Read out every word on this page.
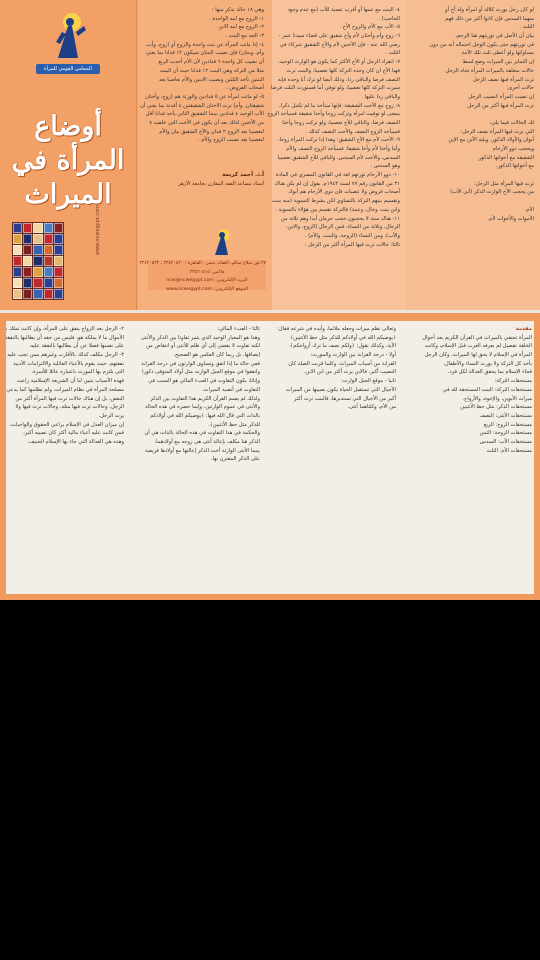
المجلس القومي للمرأة
أوضاع
المرأة في
الميراث
www.ncwegypt.com
وهي ١٨ حالة نذكر منها :
١- الزوج مع ابنه الواحدة .
٢- الزوج مع ابنه الابن .
٣- الجد مع البنت .
٤- إذا ماتت المرأة عن بنت واحدة والزوج أو (زوج، وأب،
وأم، وبنتان) فإن نصيب البنتان سيكون ١٢ فدانا بما يعني
أن نصيب كل واحدة ٦ فدادين لأن الأم أخذت الربع
مثلا من التركة وهي البنت ١٢ فدانا حيث أن البنت
البنتين تأخذ الثلثين ونصيب الابنين والأم تعاصبا بعد
أصحاب الفروض .
٥- لو ماتت امرأة عن ٥ فدادين والورثة هم (زوج، وأختان
شقيقتان، وأم) ترث الاختان الشقيقتين ٤ أفدنة بما يعني أن
الأب الوحيد ٤ فدادين بينما الشقيق الثاني يأخذ فدانا أقل
من الأختين لذلك بعد أن يكون في الأخت التي خلفت ٨
لتعصيبا بعد الزوج ٢ فدان والأخ الشقيق بيان والأم
لتعصيبا بعد نصيب الزوج والأم .
أ.د. أحمد كريمة
أستاذ مساعد الفقه المقارن بجامعة الأزهر
٢٧ ش صلاح سالم، العقاد، مصر - القاهرة - ٢٣٤٢٠٥٢٠ ، ٢٣٤٢٠٥٢٢
فاكس: ٢٣٤٢٠٥١٥
البريد الإلكتروني: ncw@ncwegypt.com
الموقع الإلكتروني: www.ncwegypt.com
٤- البنت مع عمها أو أقرب عصبة للأب (مع عدم وجود
الحاجب) .
٥- الأب مع الأم والزوج الأخ .
٦- زوج وأم وأختان لأم وأخ شقيق على قضاء سيدنا عمر -
رضي الله عنه - فإن الأختين لأم والأخ الشقيق شركاء في
الثلث .
٧- انقراد الرجل أو الأخ الأكثر كما يكون هو الوارث الوحيد،
فهنا الأخ ان كان وحده التركة كلها تعصيبا، والبنت ترث
النصف فرضا والباقي ردا، وذلك أيضا لو ترك أبا وحده فإنه
سيرث التركة كلها تعصيبا، ولو توفي أما فستورث الثلث فرضا
والباقي ردا عليها .
٨- زوج مع الأخت الشقيقة: فإنها ستأخذ ما لم تكمل ذكرا،
بمعنى لو توفيت امرأة وتركت زوجا وأختا شقيقة فسيأخذ الزوج
النصف فرضا، والباقي للأخ تعصيبا، ولو تركت زوجا وأختا
فسيأخذ الزوج النصف والأخت النصف كذلك .
٩- الأخت لأم مع الأخ الشقيق: وهذا إذا تركت المرأة زوجا،
وأما وأختا لأم وأخا شقيقا: فسيأخذ الزوج النصف والأم
السدس، والأخت لأم السدس، والباقي للأخ الشقيق تعصيبا
وهو السدس .
١٠- ذوو الأرحام تورثهم لغة في القانون المصري في المادة
٣١ من القانون رقم ٧٧ لسنة ١٩٤٣م، يقول إن لم يكن هناك
أصحاب فروض ولا عصبات فإن ذوي الأرحام هم أبوك
وتقسيم بينهم التركة بالتساوي لكن بشرط التسوية (منه بنت،
وابن بنت، وخال، وعمة) فالتركة تقسم بين هؤلاء بالتسوية .
١١- هناك ستة لا يحجبون حجب حرمان أبدا وهم ثلاثة من
الرجال، وثلاثة من النساء، فمن الرجال (الزوج، والابن،
والأب)، ومن النساء (الزوجة، والبنت، والأم) .
ثالثا: حالات ترث فيها المرأة أكثر من الرجل :
لو كان رجل يورث كلالة أو امرأة وله أخ أو
منهما السدس فإن كانوا أكثر من ذلك فهم
الثلث .
بيان أن الأصل في توريثهم هنا الرحم،
في توريثهم حتى يكون الوجل احتماله أنه من دون
مساواتها ولو أعطى ثلث تلك الأمة.
إن التمايز بين الميراث وضع لنمط
حالات متعلقة بالميراث المرأة تجاه الرجل
ترث المرأة فيها نصف الرجل
حالات أخرى:
إن نصيب المرأة كنصيب الرجل
ترث المرأة فيها أكثر من الرجل
لك الحالات فيما يلي:
التي ترث فيها المرأة نصف الرجل:
أبوان والأولاد الذكور، ويليه الأبن مع الإبن
ويحجب ذوو الأرحام
الشقيقة مع أخواتها الذكور.
مع أخواتها الذكور.
ترث فيها المرأة مثل الرجل:
من يحجب الأخ الوارث الذكر (أبي الأب)
الأم.
الأموات والأخوات لأم.
٢- الرجل بعد الزواج ينفق على المرأة، وإن كانت تملك من
الأموال ما لا يملكه هو، فليس من حقه أن يطالبها بالنفقة
على نفسها فضلا عن أن يطالبها بالنفقة عليه.
٣- الرجل مكلف كذلك بالأقارب وغيرهم ممن تجب عليه
نفقتهم، حيث يقوم بالأعباء العائلية والالتزامات الأدبية
التي يلتزم بها المورث باعتباره عائلا للأسرة.
فهذه الأسباب يتبين لنا أن الشريعة الإسلامية راعت
مصلحة المرأة في نظام الميراث، ولم تظلمها كما يدعي
البعض، بل إن هناك حالات ترث فيها المرأة أكثر من
الرجل، وحالات ترث فيها مثله، وحالات ترث فيها ولا
يرث الرجل.
إن ميزان العدل في الإسلام يراعي الحقوق والواجبات،
فمن كانت عليه أعباء مالية أكثر كان نصيبه أكبر،
وهذه هي العدالة التي جاء بها الإسلام الحنيف.
ثالثا - العبء المالي:
وهذا هو المعيار الوحيد الذي يثمر تفاوتا بين الذكر والأنثى
لكنه تفاوت لا يفضي إلى أي ظلم للأنثى أو انتقاص من
إنصافها، بل ربما كان العكس هو الصحيح.
ففي حالة ما إذا اتفق وتساوى الوارثون في درجة القرابة
واتفقوا في موقع الجيل الوارث مثل أولاد المتوفى ذكورا
وإناثا، يكون التفاوت في العبء المالي هو السبب في
التفاوت في أنصبة الميراث.
ولذلك لم يعمم القرآن الكريم هذا التفاوت بين الذكر
والأنثى في عموم الوارثين، وإنما حصره في هذه الحالة
بالذات التي قال الله فيها: ﴿يوصيكم الله في أولادكم
للذكر مثل حظ الأنثيين﴾.
والحكمة في هذا التفاوت في هذه الحالة بالذات هي أن
الذكر هنا مكلف بإعالة أنثى هي زوجه مع أولادهما،
بينما الأنثى الوارثة أخت الذكر إعالتها مع أولادها فريضة
على الذكر المقترن بها.
وتعالى نظم ميراث وجعله ملائما، وأيده في شرعه فقال:
﴿يوصيكم الله في أولادكم للذكر مثل حظ الأنثيين﴾
الآية، وكذلك يقول: ﴿ولكم نصف ما ترك أزواجكم﴾.
أولا - درجة القرابة بين الوارث والمورث:
القرابة من أسباب الميراث، وكلما قربت الصلة كان
النصيب أكبر، فالابن يرث أكثر من ابن الابن.
ثانيا - موقع الجيل الوارث:
الأجيال التي تستقبل الحياة يكون نصيبها من الميراث
أكبر من الأجيال التي تستدبرها، فالبنت ترث أكثر
من الأم، وكلتاهما أنثى.
مقدمة
المرأة تحتفي بالميراث في القرآن الكريم بعد أحوال
الخلقة تفصيل لم يعرفه العرب قبل الإسلام، وكانت
المرأة في الإسلام لا يحق لها الميراث، وكان الرجل
يأخذ كل التركة ولا يورث النساء والأطفال،
فجاء الإسلام بما يحقق العدالة لكل فرد.
مستحقات التركة:
مستحقات التركة: البنت المستحقة لله في
ميراث الأبوين، والإخوة، والأزواج.
مستحقات الذكر: مثل حظ الأنثيين
مستحقات الأنثى: النصف
مستحقات الزوج: الربع
مستحقات الزوجة: الثمن
مستحقات الأب: السدس
مستحقات الأم: الثلث
